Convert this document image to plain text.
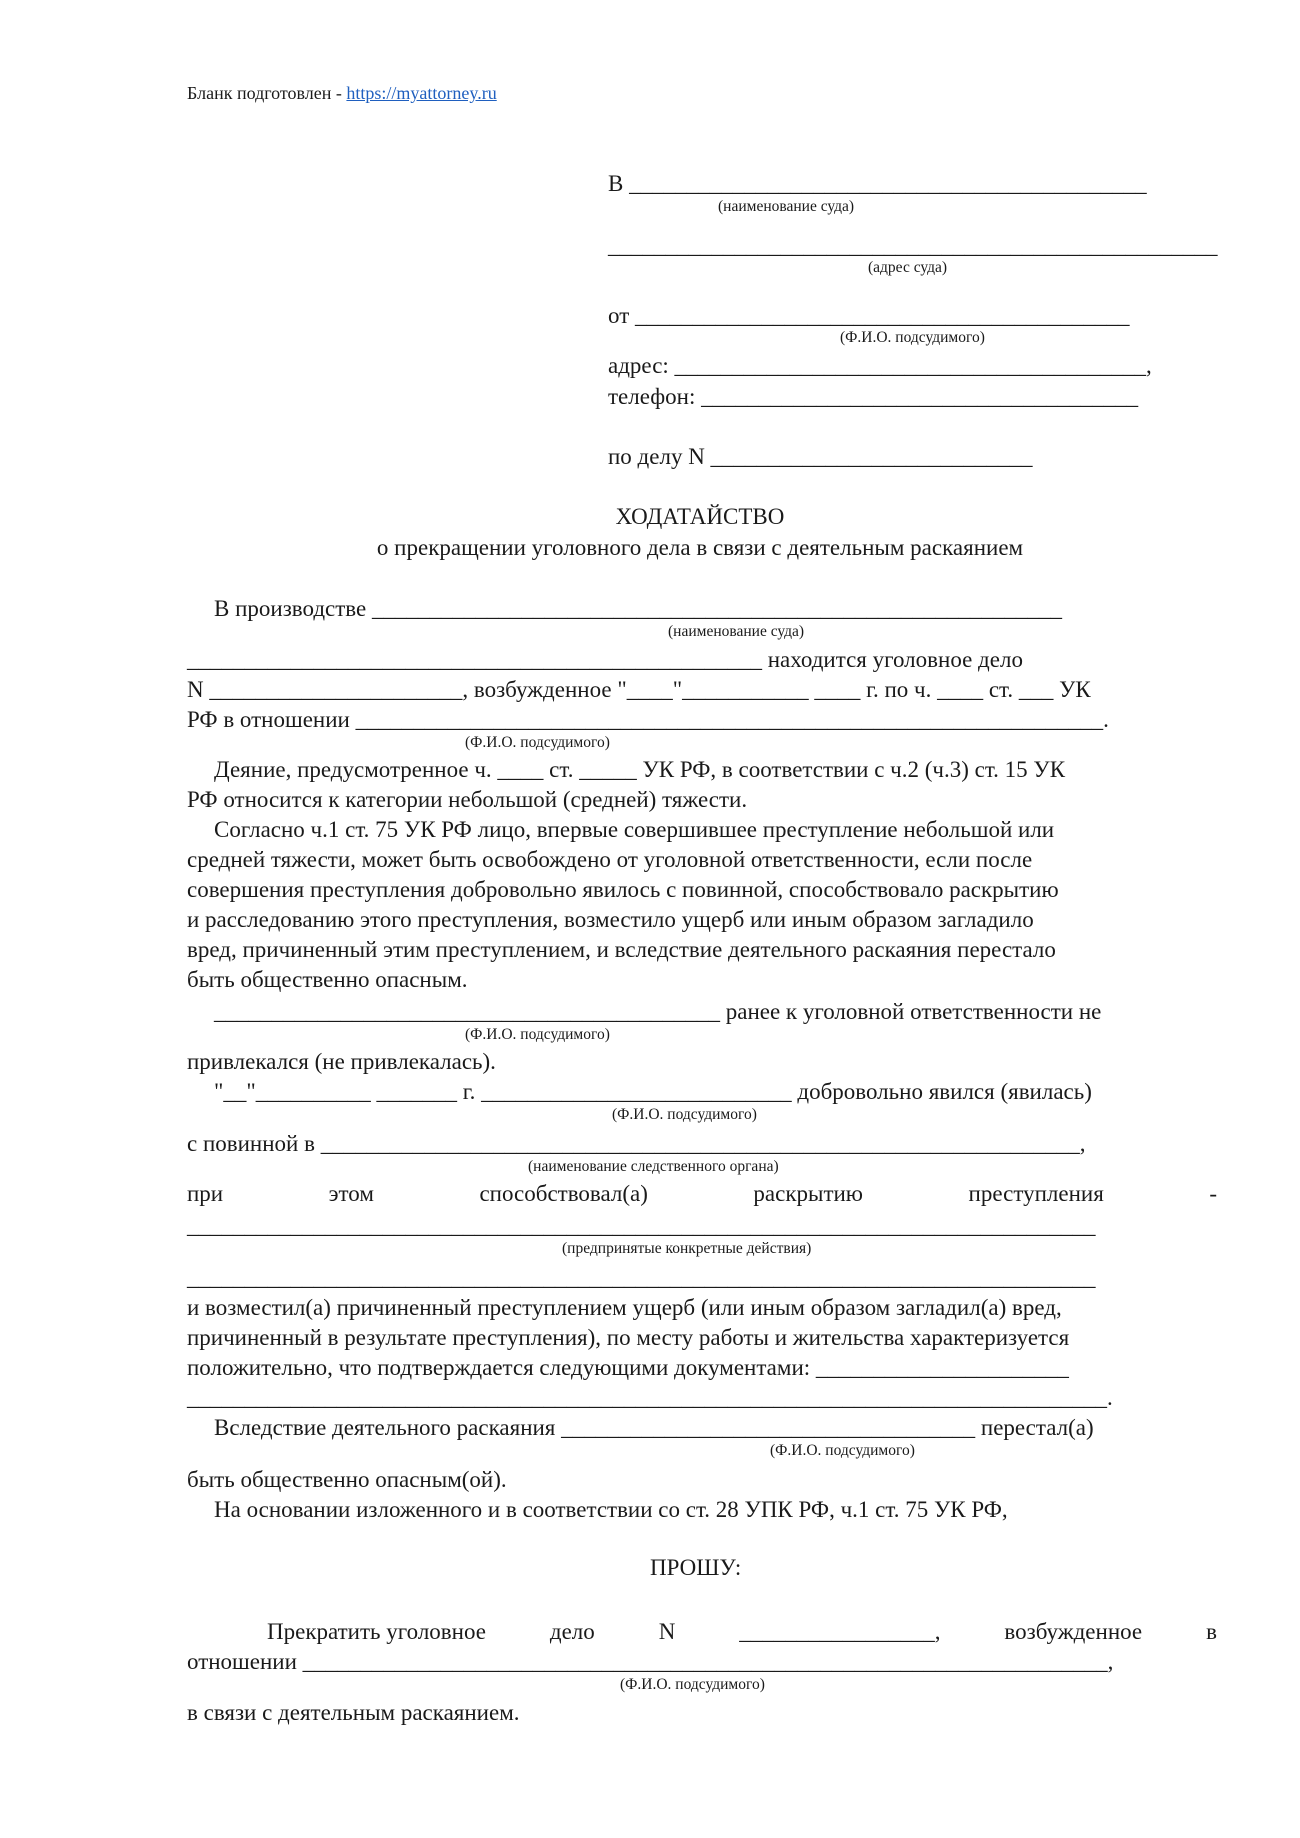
Бланк подготовлен - https://myattorney.ru
В _____________________________________________
(наименование суда)
_____________________________________________________
(адрес суда)
от ___________________________________________
(Ф.И.О. подсудимого)
адрес: _________________________________________,
телефон: ______________________________________
по делу N ____________________________
ХОДАТАЙСТВО
о прекращении уголовного дела в связи с деятельным раскаянием
В производстве ____________________________________________________________
(наименование суда)
__________________________________________________ находится уголовное дело
N ______________________, возбужденное "____"___________ ____ г. по ч. ____ ст. ___ УК
РФ в отношении _________________________________________________________________.
(Ф.И.О. подсудимого)
Деяние, предусмотренное ч. ____ ст. _____ УК РФ, в соответствии с ч.2 (ч.3) ст. 15 УК
РФ относится к категории небольшой (средней) тяжести.
Согласно ч.1 ст. 75 УК РФ лицо, впервые совершившее преступление небольшой или
средней тяжести, может быть освобождено от уголовной ответственности, если после
совершения преступления добровольно явилось с повинной, способствовало раскрытию
и расследованию этого преступления, возместило ущерб или иным образом загладило
вред, причиненный этим преступлением, и вследствие деятельного раскаяния перестало
быть общественно опасным.
____________________________________________ ранее к уголовной ответственности не
(Ф.И.О. подсудимого)
привлекался (не привлекалась).
"__"__________ _______ г. ___________________________ добровольно явился (явилась)
(Ф.И.О. подсудимого)
с повинной в __________________________________________________________________,
(наименование следственного органа)
при	этом	способствовал(а)	раскрытию	преступления	-
_______________________________________________________________________________
(предпринятые конкретные действия)
_______________________________________________________________________________
и возместил(а) причиненный преступлением ущерб (или иным образом загладил(а) вред,
причиненный в результате преступления), по месту работы и жительства характеризуется
положительно, что подтверждается следующими документами: ______________________
________________________________________________________________________________.
Вследствие деятельного раскаяния ____________________________________ перестал(а)
(Ф.И.О. подсудимого)
быть общественно опасным(ой).
На основании изложенного и в соответствии со ст. 28 УПК РФ, ч.1 ст. 75 УК РФ,
ПРОШУ:
Прекратить уголовное	дело	N	_________________,	возбужденное	в
отношении ______________________________________________________________________,
(Ф.И.О. подсудимого)
в связи с деятельным раскаянием.
